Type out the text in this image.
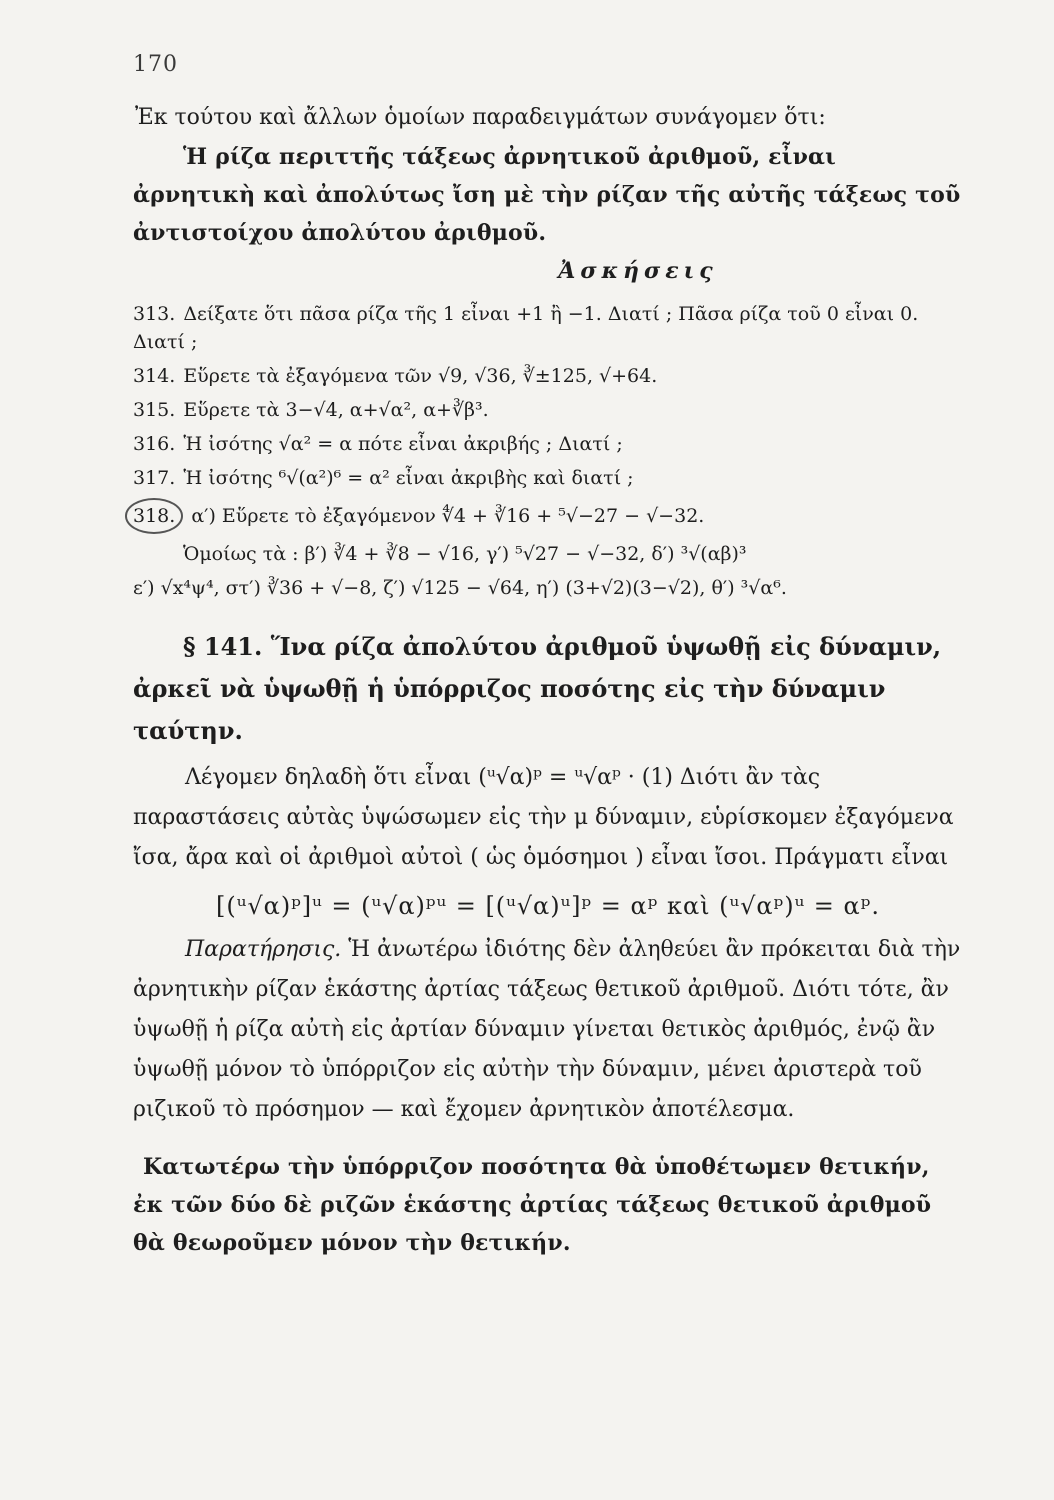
170

Ἐκ τούτου καὶ ἄλλων ὁμοίων παραδειγμάτων συνάγομεν ὅτι:

Ἡ ρίζα περιττῆς τάξεως ἀρνητικοῦ ἀριθμοῦ, εἶναι ἀρνητικὴ καὶ ἀπολύτως ἴση μὲ τὴν ρίζαν τῆς αὐτῆς τάξεως τοῦ ἀντιστοίχου ἀπολύτου ἀριθμοῦ.

Ἀσκήσεις

313. Δείξατε ὅτι πᾶσα ρίζα τῆς 1 εἶναι +1 ἢ −1. Διατί ; Πᾶσα ρίζα τοῦ 0 εἶναι 0. Διατί ;

314. Εὕρετε τὰ ἐξαγόμενα τῶν √9, √36, ∛±125, √+64.

315. Εὕρετε τὰ 3−√4, α+√α², α+∛β³.

316. Ἡ ἰσότης √α² = α πότε εἶναι ἀκριβής ; Διατί ;

317. Ἡ ἰσότης ⁶√(α²)⁶ = α² εἶναι ἀκριβὴς καὶ διατί ;

318. α′) Εὕρετε τὸ ἐξαγόμενον ∜4 + ∛16 + ⁵√−27 − √−32.

Ὁμοίως τὰ : β′) ∛4 + ∛8 − √16, γ′) ⁵√27 − √−32, δ′) ³√(αβ)³

ε′) √x⁴ψ⁴, στ′) ∛36 + √−8, ζ′) √125 − √64, η′) (3+√2)(3−√2), θ′) ³√α⁶.

§ 141. Ἵνα ρίζα ἀπολύτου ἀριθμοῦ ὑψωθῇ εἰς δύναμιν, ἀρκεῖ νὰ ὑψωθῇ ἡ ὑπόρριζος ποσότης εἰς τὴν δύναμιν ταύτην.

Λέγομεν δηλαδὴ ὅτι εἶναι (ᵘ√α)ᵖ = ᵘ√αᵖ · (1) Διότι ἂν τὰς παραστάσεις αὐτὰς ὑψώσωμεν εἰς τὴν μ δύναμιν, εὑρίσκομεν ἐξαγόμενα ἴσα, ἄρα καὶ οἱ ἀριθμοὶ αὐτοὶ ( ὡς ὁμόσημοι ) εἶναι ἴσοι. Πράγματι εἶναι

[(ᵘ√α)ᵖ]ᵘ = (ᵘ√α)ᵖᵘ = [(ᵘ√α)ᵘ]ᵖ = αᵖ καὶ (ᵘ√αᵖ)ᵘ = αᵖ.

Παρατήρησις. Ἡ ἀνωτέρω ἰδιότης δὲν ἀληθεύει ἂν πρόκειται διὰ τὴν ἀρνητικὴν ρίζαν ἑκάστης ἀρτίας τάξεως θετικοῦ ἀριθμοῦ. Διότι τότε, ἂν ὑψωθῇ ἡ ρίζα αὐτὴ εἰς ἀρτίαν δύναμιν γίνεται θετικὸς ἀριθμός, ἐνῷ ἂν ὑψωθῇ μόνον τὸ ὑπόρριζον εἰς αὐτὴν τὴν δύναμιν, μένει ἀριστερὰ τοῦ ριζικοῦ τὸ πρόσημον — καὶ ἔχομεν ἀρνητικὸν ἀποτέλεσμα.

Κατωτέρω τὴν ὑπόρριζον ποσότητα θὰ ὑποθέτωμεν θετικήν, ἐκ τῶν δύο δὲ ριζῶν ἑκάστης ἀρτίας τάξεως θετικοῦ ἀριθμοῦ θὰ θεωροῦμεν μόνον τὴν θετικήν.
